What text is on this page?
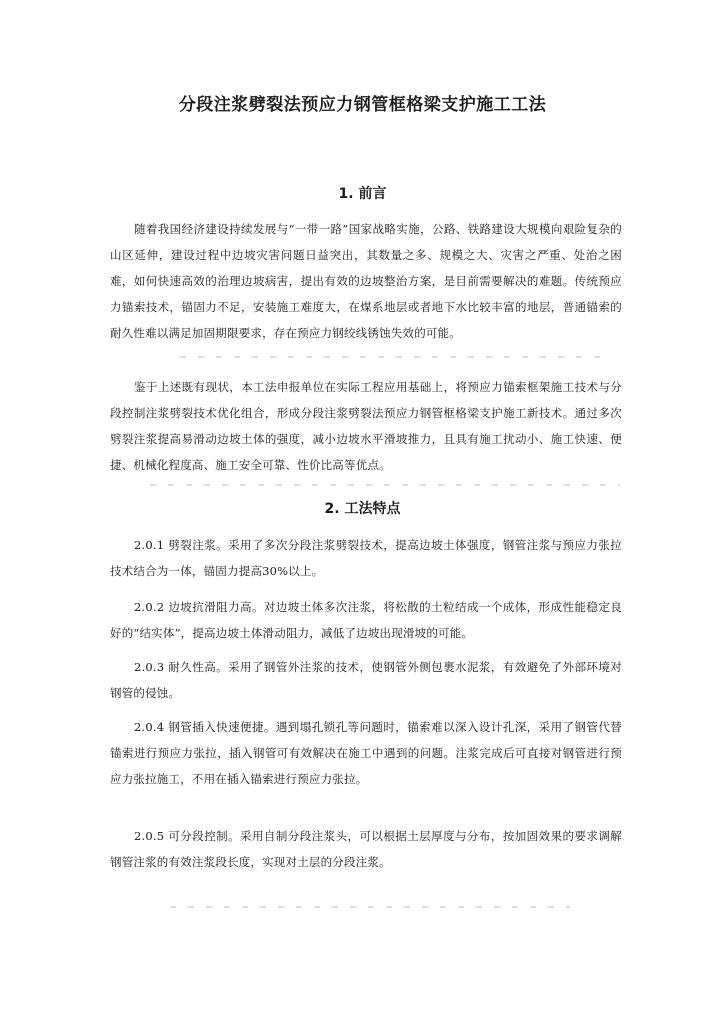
分段注浆劈裂法预应力钢管框格梁支护施工工法
1. 前言
随着我国经济建设持续发展与“一带一路”国家战略实施，公路、铁路建设大规模向艰险复杂的山区延伸，建设过程中边坡灾害问题日益突出，其数量之多、规模之大、灾害之严重、处治之困难，如何快速高效的治理边坡病害，提出有效的边坡整治方案，是目前需要解决的难题。传统预应力锚索技术，锚固力不足，安装施工难度大，在煤系地层或者地下水比较丰富的地层，普通锚索的耐久性难以满足加固期限要求，存在预应力钢绞线锈蚀失效的可能。
鉴于上述既有现状，本工法申报单位在实际工程应用基础上，将预应力锚索框架施工技术与分段控制注浆劈裂技术优化组合，形成分段注浆劈裂法预应力钢管框格梁支护施工新技术。通过多次劈裂注浆提高易滑动边坡土体的强度，减小边坡水平滑坡推力，且具有施工扰动小、施工快速、便捷、机械化程度高、施工安全可靠、性价比高等优点。
2. 工法特点
2.0.1 劈裂注浆。采用了多次分段注浆劈裂技术，提高边坡土体强度，钢管注浆与预应力张拉技术结合为一体，锚固力提高30%以上。
2.0.2 边坡抗滑阻力高。对边坡土体多次注浆，将松散的土粒结成一个成体，形成性能稳定良好的“结实体”，提高边坡土体滑动阻力，减低了边坡出现滑坡的可能。
2.0.3 耐久性高。采用了钢管外注浆的技术，使钢管外侧包裹水泥浆，有效避免了外部环境对钢管的侵蚀。
2.0.4 钢管插入快速便捷。遇到塌孔锁孔等问题时，锚索难以深入设计孔深，采用了钢管代替锚索进行预应力张拉，插入钢管可有效解决在施工中遇到的问题。注浆完成后可直接对钢管进行预应力张拉施工，不用在插入锚索进行预应力张拉。
2.0.5 可分段控制。采用自制分段注浆头，可以根据土层厚度与分布，按加固效果的要求调解钢管注浆的有效注浆段长度，实现对土层的分段注浆。
